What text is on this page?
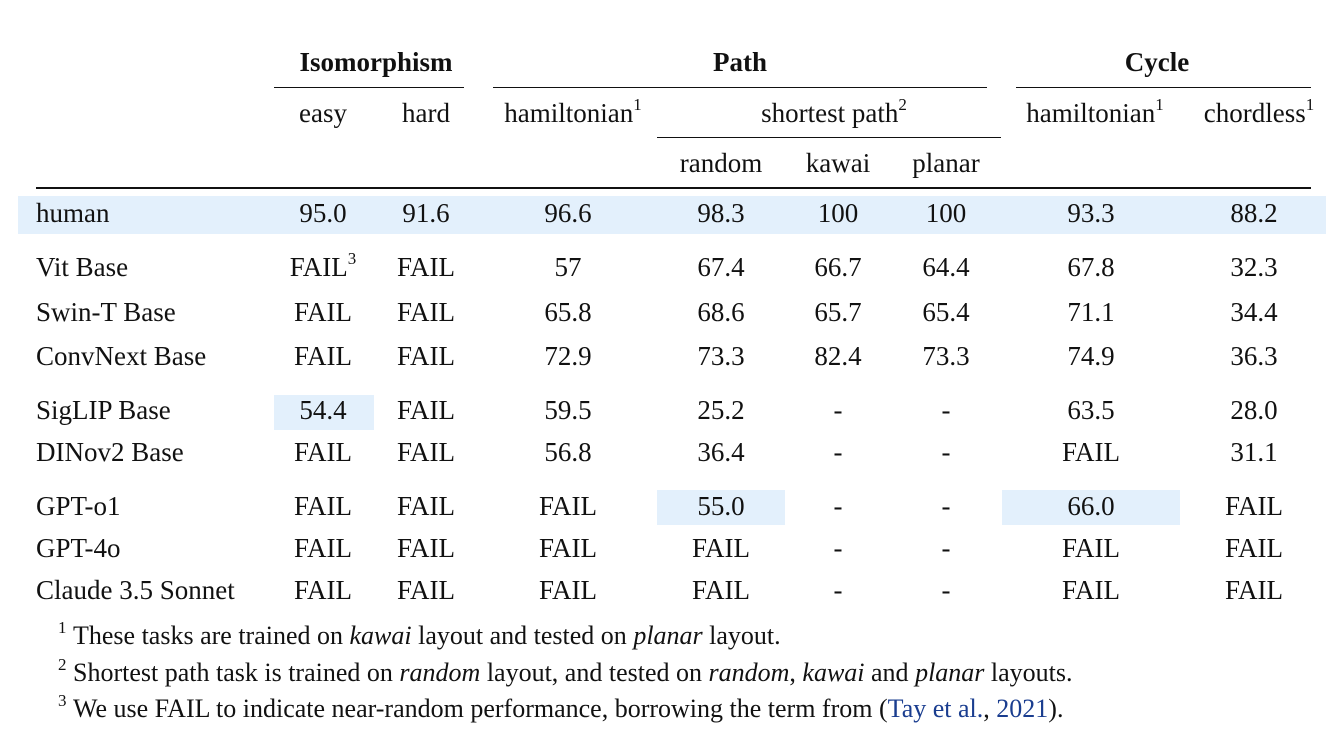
Isomorphism	Path	Cycle
easy hard hamiltonian$^1$	shortest path$^2$	hamiltonian$^1$ chordless$^1$
random kawai planar
human	95.0 91.6	96.6	98.3	100	100	93.3	88.2
Vit Base	FAIL$^3$ FAIL	57	67.4	66.7 64.4	67.8	32.3
Swin-T Base	FAIL FAIL	65.8	68.6	65.7 65.4	71.1	34.4
ConvNext Base	FAIL FAIL	72.9	73.3	82.4 73.3	74.9	36.3
SigLIP Base	54.4 FAIL	59.5	25.2	-	-	63.5	28.0
DINov2 Base	FAIL FAIL	56.8	36.4	-	-	FAIL	31.1
GPT-o1	FAIL FAIL	FAIL	55.0	-	-	66.0	FAIL
GPT-4o	FAIL FAIL	FAIL	FAIL	-	-	FAIL	FAIL
Claude 3.5 Sonnet FAIL FAIL	FAIL	FAIL	-	-	FAIL	FAIL
$^1$ These tasks are trained on kawai layout and tested on planar layout.
$^2$ Shortest path task is trained on random layout, and tested on random, kawai and planar layouts.
$^3$ We use FAIL to indicate near-random performance, borrowing the term from (Tay et al., 2021).
